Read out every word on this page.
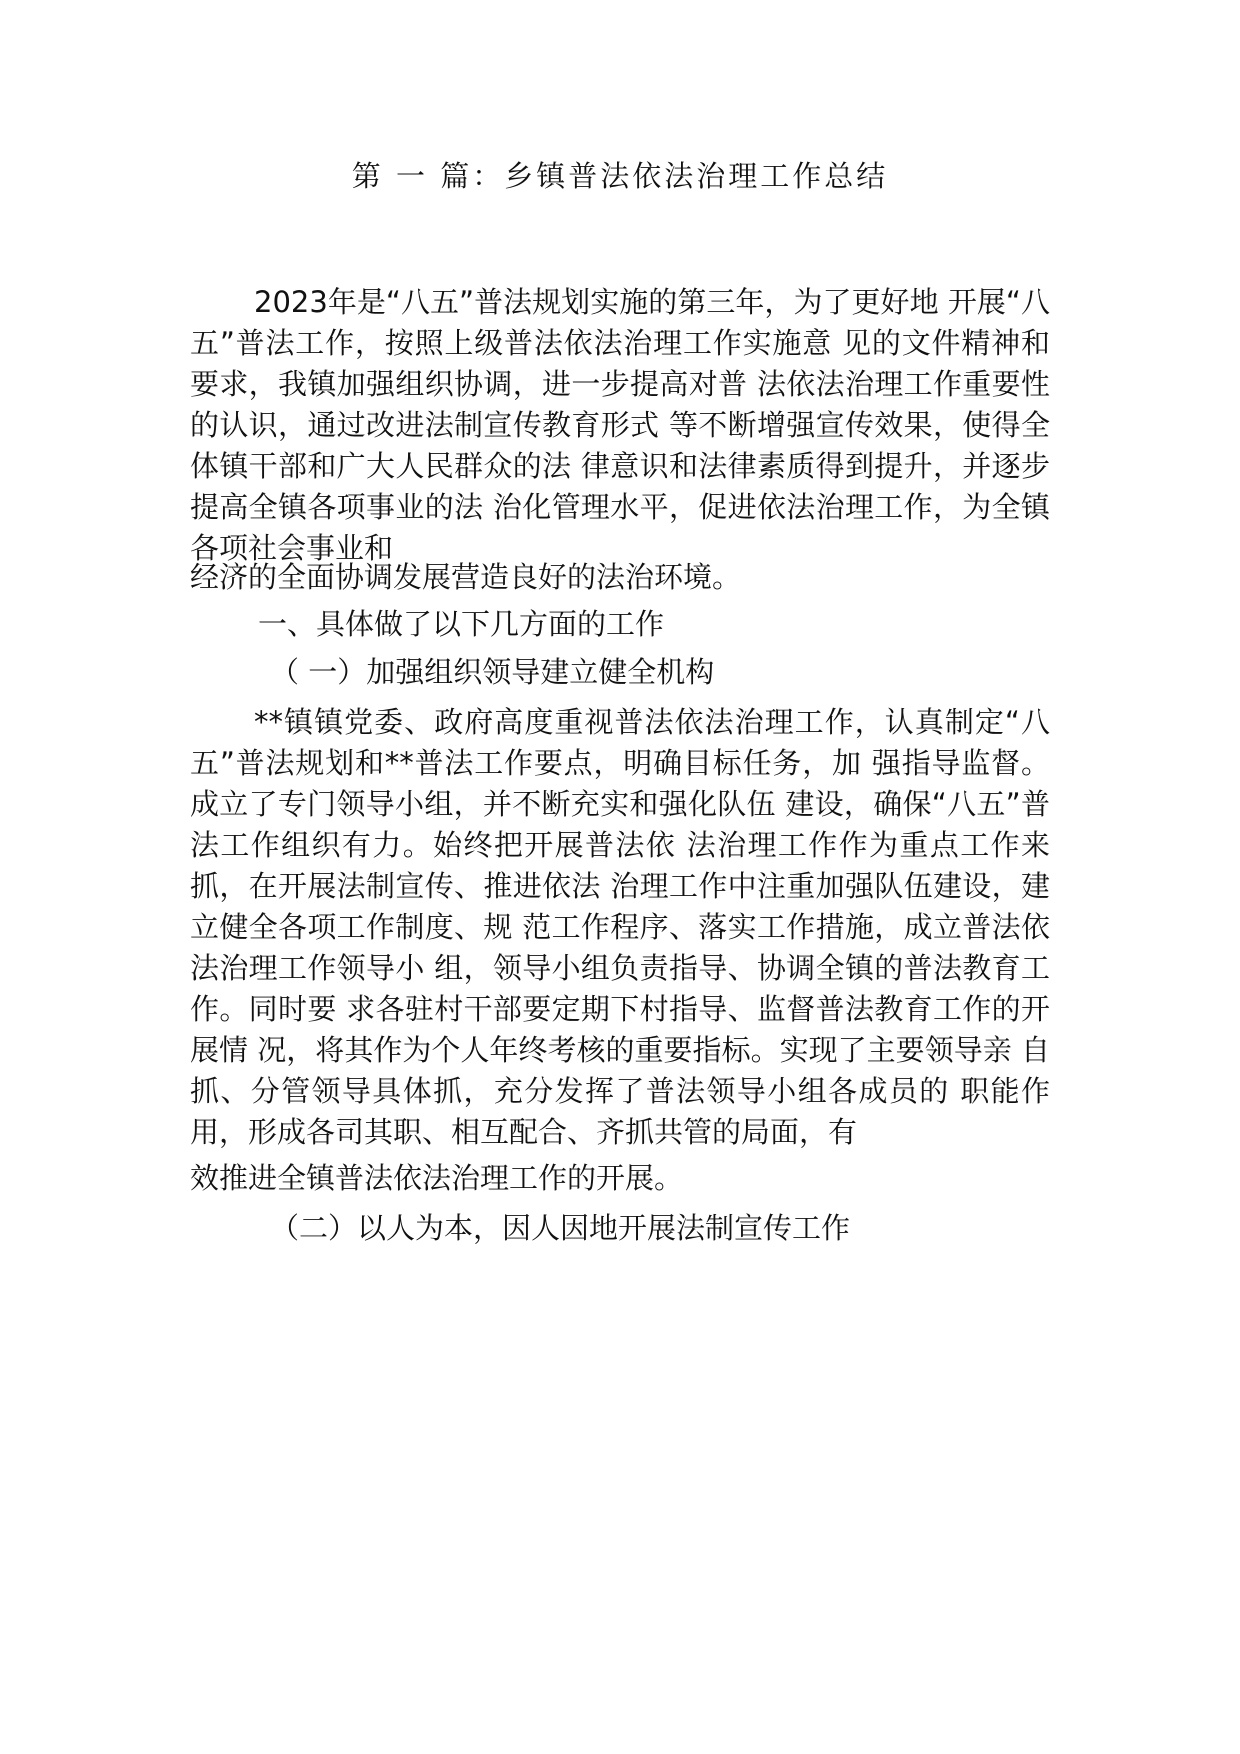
第 一 篇：乡镇普法依法治理工作总结

2023年是“八五”普法规划实施的第三年，为了更好地 开展“八五”普法工作，按照上级普法依法治理工作实施意 见的文件精神和要求，我镇加强组织协调，进一步提高对普 法依法治理工作重要性的认识，通过改进法制宣传教育形式 等不断增强宣传效果，使得全体镇干部和广大人民群众的法 律意识和法律素质得到提升，并逐步提高全镇各项事业的法 治化管理水平，促进依法治理工作，为全镇各项社会事业和

经济的全面协调发展营造良好的法治环境。

一、具体做了以下几方面的工作

（ 一）加强组织领导建立健全机构

**镇镇党委、政府高度重视普法依法治理工作，认真制定“八五”普法规划和**普法工作要点，明确目标任务，加 强指导监督。成立了专门领导小组，并不断充实和强化队伍 建设，确保“八五”普法工作组织有力。始终把开展普法依 法治理工作作为重点工作来抓，在开展法制宣传、推进依法 治理工作中注重加强队伍建设，建立健全各项工作制度、规 范工作程序、落实工作措施，成立普法依法治理工作领导小 组，领导小组负责指导、协调全镇的普法教育工作。同时要 求各驻村干部要定期下村指导、监督普法教育工作的开展情 况，将其作为个人年终考核的重要指标。实现了主要领导亲 自抓、分管领导具体抓，充分发挥了普法领导小组各成员的 职能作用，形成各司其职、相互配合、齐抓共管的局面，有

效推进全镇普法依法治理工作的开展。

（二）以人为本，因人因地开展法制宣传工作
